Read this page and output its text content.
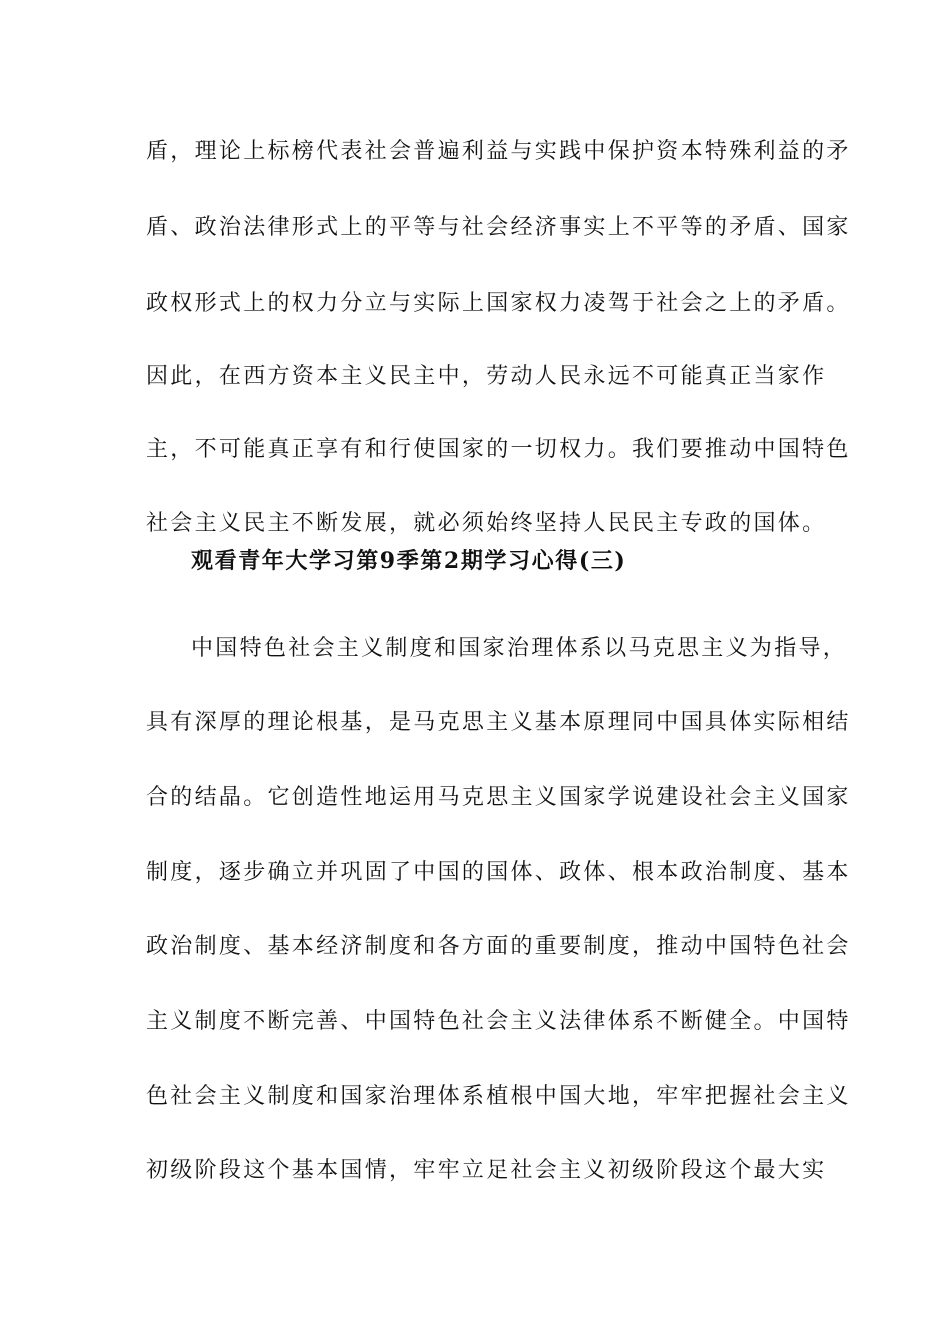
盾，理论上标榜代表社会普遍利益与实践中保护资本特殊利益的矛
盾、政治法律形式上的平等与社会经济事实上不平等的矛盾、国家
政权形式上的权力分立与实际上国家权力凌驾于社会之上的矛盾。
因此，在西方资本主义民主中，劳动人民永远不可能真正当家作
主，不可能真正享有和行使国家的一切权力。我们要推动中国特色
社会主义民主不断发展，就必须始终坚持人民民主专政的国体。
观看青年大学习第9季第2期学习心得(三)
中国特色社会主义制度和国家治理体系以马克思主义为指导，
具有深厚的理论根基，是马克思主义基本原理同中国具体实际相结
合的结晶。它创造性地运用马克思主义国家学说建设社会主义国家
制度，逐步确立并巩固了中国的国体、政体、根本政治制度、基本
政治制度、基本经济制度和各方面的重要制度，推动中国特色社会
主义制度不断完善、中国特色社会主义法律体系不断健全。中国特
色社会主义制度和国家治理体系植根中国大地，牢牢把握社会主义
初级阶段这个基本国情，牢牢立足社会主义初级阶段这个最大实
